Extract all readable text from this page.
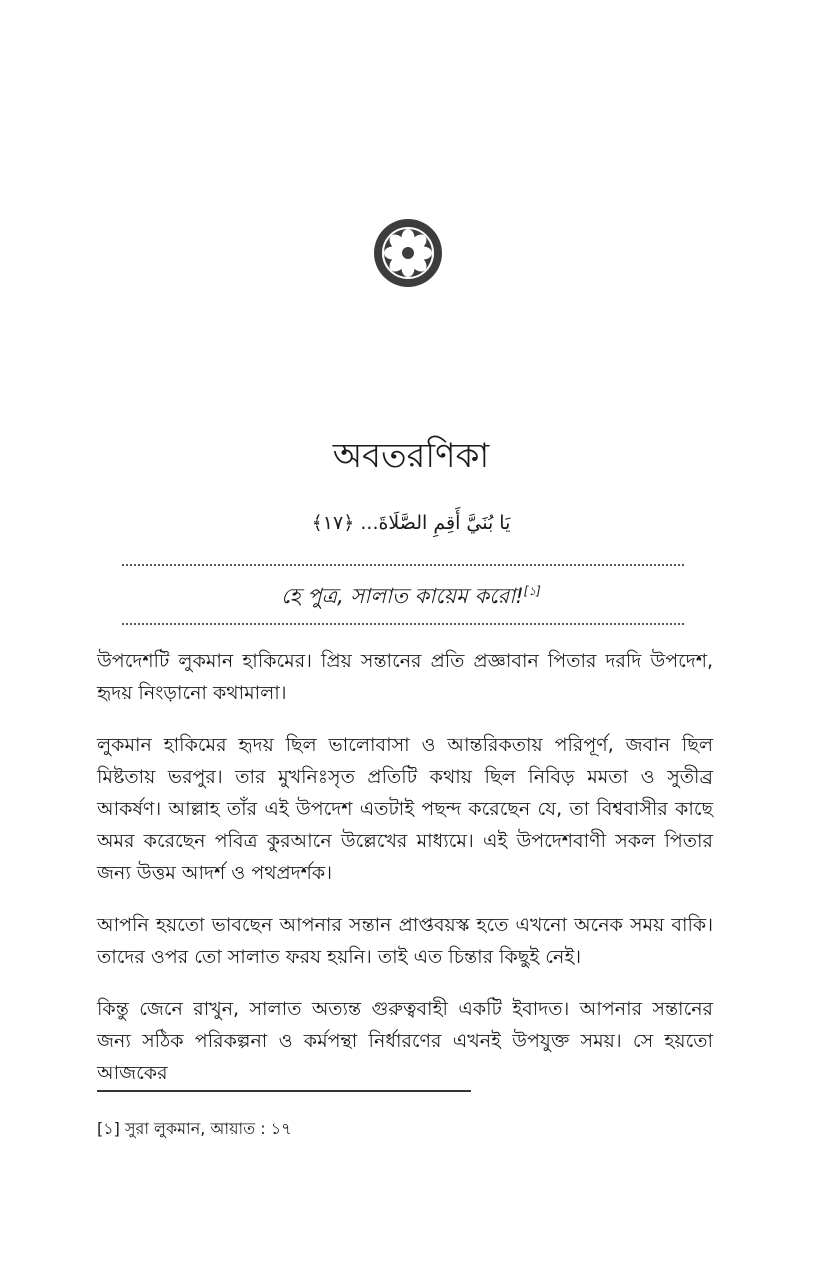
অবতরণিকা
يَا بُنَيَّ أَقِمِ الصَّلَاةَ... ﴿١٧﴾
হে পুত্র, সালাত কায়েম করো![১]

উপদেশটি লুকমান হাকিমের। প্রিয় সন্তানের প্রতি প্রজ্ঞাবান পিতার দরদি উপদেশ, হৃদয় নিংড়ানো কথামালা।

লুকমান হাকিমের হৃদয় ছিল ভালোবাসা ও আন্তরিকতায় পরিপূর্ণ, জবান ছিল মিষ্টতায় ভরপুর। তার মুখনিঃসৃত প্রতিটি কথায় ছিল নিবিড় মমতা ও সুতীব্র আকর্ষণ। আল্লাহ তাঁর এই উপদেশ এতটাই পছন্দ করেছেন যে, তা বিশ্ববাসীর কাছে অমর করেছেন পবিত্র কুরআনে উল্লেখের মাধ্যমে। এই উপদেশবাণী সকল পিতার জন্য উত্তম আদর্শ ও পথপ্রদর্শক।

আপনি হয়তো ভাবছেন আপনার সন্তান প্রাপ্তবয়স্ক হতে এখনো অনেক সময় বাকি। তাদের ওপর তো সালাত ফরয হয়নি। তাই এত চিন্তার কিছুই নেই।

কিন্তু জেনে রাখুন, সালাত অত্যন্ত গুরুত্ববাহী একটি ইবাদত। আপনার সন্তানের জন্য সঠিক পরিকল্পনা ও কর্মপন্থা নির্ধারণের এখনই উপযুক্ত সময়। সে হয়তো আজকের

[১] সুরা লুকমান, আয়াত : ১৭
